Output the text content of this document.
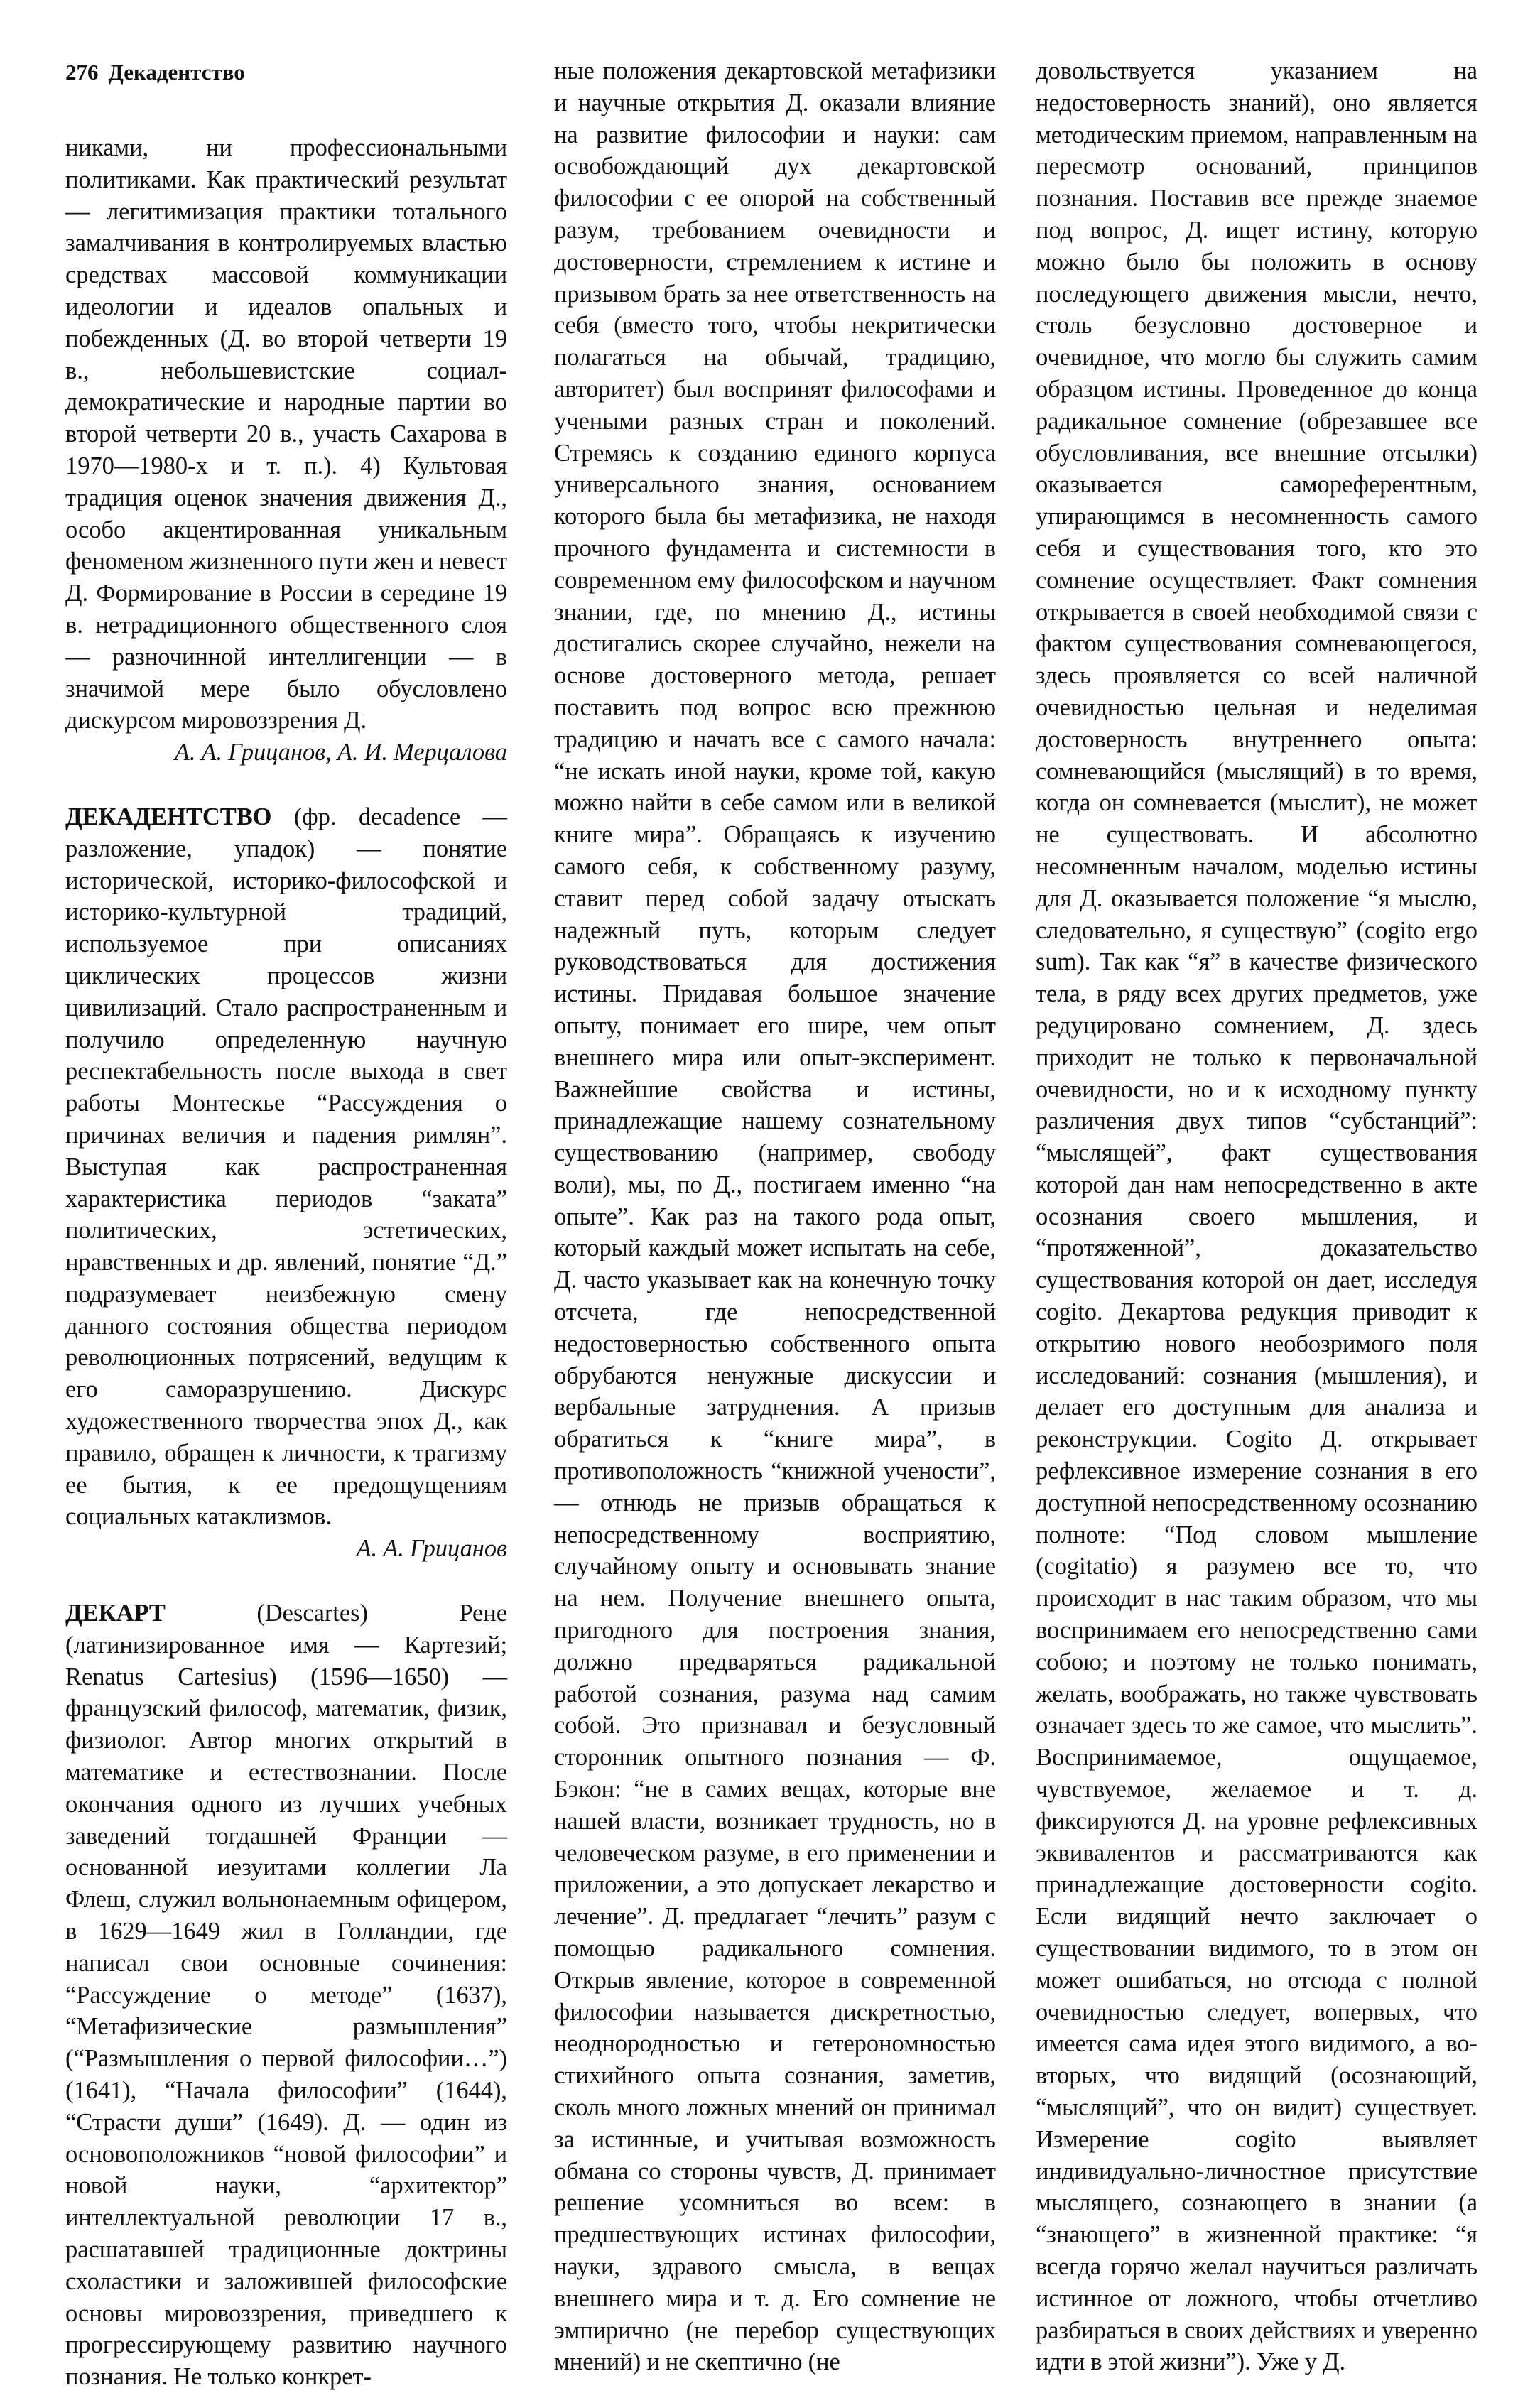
276 Декадентство

никами, ни профессиональными политиками. Как практический результат — легитимизация практики тотального замалчивания в контролируемых властью средствах массовой коммуникации идеологии и идеалов опальных и побежденных (Д. во второй четверти 19 в., небольшевистские социал-демократические и народные партии во второй четверти 20 в., участь Сахарова в 1970—1980-х и т. п.). 4) Культовая традиция оценок значения движения Д., особо акцентированная уникальным феноменом жизненного пути жен и невест Д. Формирование в России в середине 19 в. нетрадиционного общественного слоя — разночинной интеллигенции — в значимой мере было обусловлено дискурсом мировоззрения Д.

А. А. Грицанов, А. И. Мерцалова

ДЕКАДЕНТСТВО (фр. decadence — разложение, упадок) — понятие исторической, историко-философской и историко-культурной традиций, используемое при описаниях циклических процессов жизни цивилизаций. Стало распространенным и получило определенную научную респектабельность после выхода в свет работы Монтескье “Рассуждения о причинах величия и падения римлян”. Выступая как распространенная характеристика периодов “заката” политических, эстетических, нравственных и др. явлений, понятие “Д.” подразумевает неизбежную смену данного состояния общества периодом революционных потрясений, ведущим к его саморазрушению. Дискурс художественного творчества эпох Д., как правило, обращен к личности, к трагизму ее бытия, к ее предощущениям социальных катаклизмов.

А. А. Грицанов

ДЕКАРТ (Descartes) Рене (латинизированное имя — Картезий; Renatus Cartesius) (1596—1650) — французский философ, математик, физик, физиолог. Автор многих открытий в математике и естествознании. После окончания одного из лучших учебных заведений тогдашней Франции — основанной иезуитами коллегии Ла Флеш, служил вольнонаемным офицером, в 1629—1649 жил в Голландии, где написал свои основные сочинения: “Рассуждение о методе” (1637), “Метафизические размышления” (“Размышления о первой философии…”) (1641), “Начала философии” (1644), “Страсти души” (1649). Д. — один из основоположников “новой философии” и новой науки, “архитектор” интеллектуальной революции 17 в., расшатавшей традиционные доктрины схоластики и заложившей философские основы мировоззрения, приведшего к прогрессирующему развитию научного познания. Не только конкрет-

ные положения декартовской метафизики и научные открытия Д. оказали влияние на развитие философии и науки: сам освобождающий дух декартовской философии с ее опорой на собственный разум, требованием очевидности и достоверности, стремлением к истине и призывом брать за нее ответственность на себя (вместо того, чтобы некритически полагаться на обычай, традицию, авторитет) был воспринят философами и учеными разных стран и поколений. Стремясь к созданию единого корпуса универсального знания, основанием которого была бы метафизика, не находя прочного фундамента и системности в современном ему философском и научном знании, где, по мнению Д., истины достигались скорее случайно, нежели на основе достоверного метода, решает поставить под вопрос всю прежнюю традицию и начать все с самого начала: “не искать иной науки, кроме той, какую можно найти в себе самом или в великой книге мира”. Обращаясь к изучению самого себя, к собственному разуму, ставит перед собой задачу отыскать надежный путь, которым следует руководствоваться для достижения истины. Придавая большое значение опыту, понимает его шире, чем опыт внешнего мира или опыт-эксперимент. Важнейшие свойства и истины, принадлежащие нашему сознательному существованию (например, свободу воли), мы, по Д., постигаем именно “на опыте”. Как раз на такого рода опыт, который каждый может испытать на себе, Д. часто указывает как на конечную точку отсчета, где непосредственной недостоверностью собственного опыта обрубаются ненужные дискуссии и вербальные затруднения. А призыв обратиться к “книге мира”, в противоположность “книжной учености”, — отнюдь не призыв обращаться к непосредственному восприятию, случайному опыту и основывать знание на нем. Получение внешнего опыта, пригодного для построения знания, должно предваряться радикальной работой сознания, разума над самим собой. Это признавал и безусловный сторонник опытного познания — Ф. Бэкон: “не в самих вещах, которые вне нашей власти, возникает трудность, но в человеческом разуме, в его применении и приложении, а это допускает лекарство и лечение”. Д. предлагает “лечить” разум с помощью радикального сомнения. Открыв явление, которое в современной философии называется дискретностью, неоднородностью и гетерономностью стихийного опыта сознания, заметив, сколь много ложных мнений он принимал за истинные, и учитывая возможность обмана со стороны чувств, Д. принимает решение усомниться во всем: в предшествующих истинах философии, науки, здравого смысла, в вещах внешнего мира и т. д. Его сомнение не эмпирично (не перебор существующих мнений) и не скептично (не

довольствуется указанием на недостоверность знаний), оно является методическим приемом, направленным на пересмотр оснований, принципов познания. Поставив все прежде знаемое под вопрос, Д. ищет истину, которую можно было бы положить в основу последующего движения мысли, нечто, столь безусловно достоверное и очевидное, что могло бы служить самим образцом истины. Проведенное до конца радикальное сомнение (обрезавшее все обусловливания, все внешние отсылки) оказывается самореферентным, упирающимся в несомненность самого себя и существования того, кто это сомнение осуществляет. Факт сомнения открывается в своей необходимой связи с фактом существования сомневающегося, здесь проявляется со всей наличной очевидностью цельная и неделимая достоверность внутреннего опыта: сомневающийся (мыслящий) в то время, когда он сомневается (мыслит), не может не существовать. И абсолютно несомненным началом, моделью истины для Д. оказывается положение “я мыслю, следовательно, я существую” (cogito ergo sum). Так как “я” в качестве физического тела, в ряду всех других предметов, уже редуцировано сомнением, Д. здесь приходит не только к первоначальной очевидности, но и к исходному пункту различения двух типов “субстанций”: “мыслящей”, факт существования которой дан нам непосредственно в акте осознания своего мышления, и “протяженной”, доказательство существования которой он дает, исследуя cogito. Декартова редукция приводит к открытию нового необозримого поля исследований: сознания (мышления), и делает его доступным для анализа и реконструкции. Cogito Д. открывает рефлексивное измерение сознания в его доступной непосредственному осознанию полноте: “Под словом мышление (cogitatio) я разумею все то, что происходит в нас таким образом, что мы воспринимаем его непосредственно сами собою; и поэтому не только понимать, желать, воображать, но также чувствовать означает здесь то же самое, что мыслить”. Воспринимаемое, ощущаемое, чувствуемое, желаемое и т. д. фиксируются Д. на уровне рефлексивных эквивалентов и рассматриваются как принадлежащие достоверности cogito. Если видящий нечто заключает о существовании видимого, то в этом он может ошибаться, но отсюда с полной очевидностью следует, вопервых, что имеется сама идея этого видимого, а во-вторых, что видящий (осознающий, “мыслящий”, что он видит) существует. Измерение cogito выявляет индивидуально-личностное присутствие мыслящего, сознающего в знании (а “знающего” в жизненной практике: “я всегда горячо желал научиться различать истинное от ложного, чтобы отчетливо разбираться в своих действиях и уверенно идти в этой жизни”). Уже у Д.
